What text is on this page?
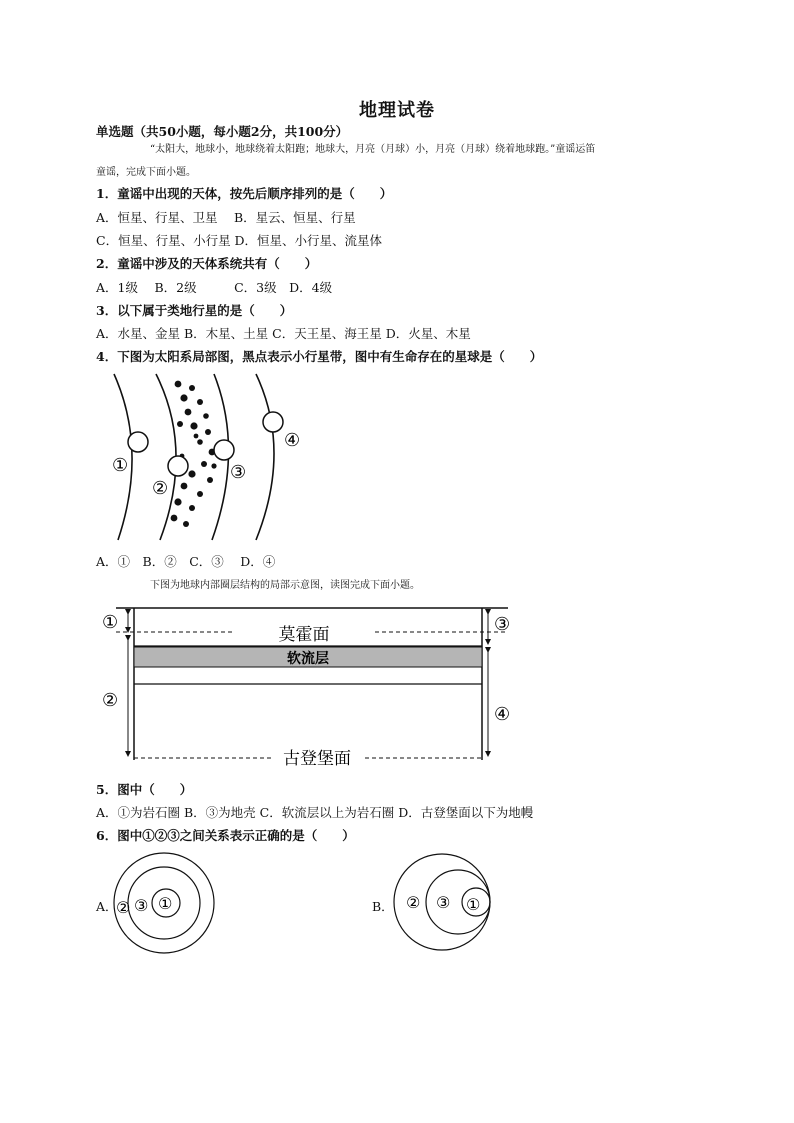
地理试卷
单选题（共50小题，每小题2分，共100分）
“太阳大，地球小，地球绕着太阳跑；地球大，月亮（月球）小，月亮（月球）绕着地球跑。”童谣运笛
童谣，完成下面小题。
1．童谣中出现的天体，按先后顺序排列的是（　　）
A．恒星、行星、卫星　 B．星云、恒星、行星
C．恒星、行星、小行星 D．恒星、小行星、流星体
2．童谣中涉及的天体系统共有（　　）
A．1级　 B．2级　　　C．3级　D．4级
3．以下属于类地行星的是（　　）
A．水星、金星 B．木星、土星 C．天王星、海王星 D．火星、木星
4．下图为太阳系局部图，黑点表示小行星带，图中有生命存在的星球是（　　）
①
②
③
④
A．①　B．②　C．③　 D．④
下图为地球内部圈层结构的局部示意图，读图完成下面小题。
莫霍面
软流层
古登堡面
①
②
③
④
5．图中（　　）
A．①为岩石圈 B．③为地壳 C．软流层以上为岩石圈 D．古登堡面以下为地幔
6．图中①②③之间关系表示正确的是（　　）
A．
② ③ ①	B． ② ③ ①
